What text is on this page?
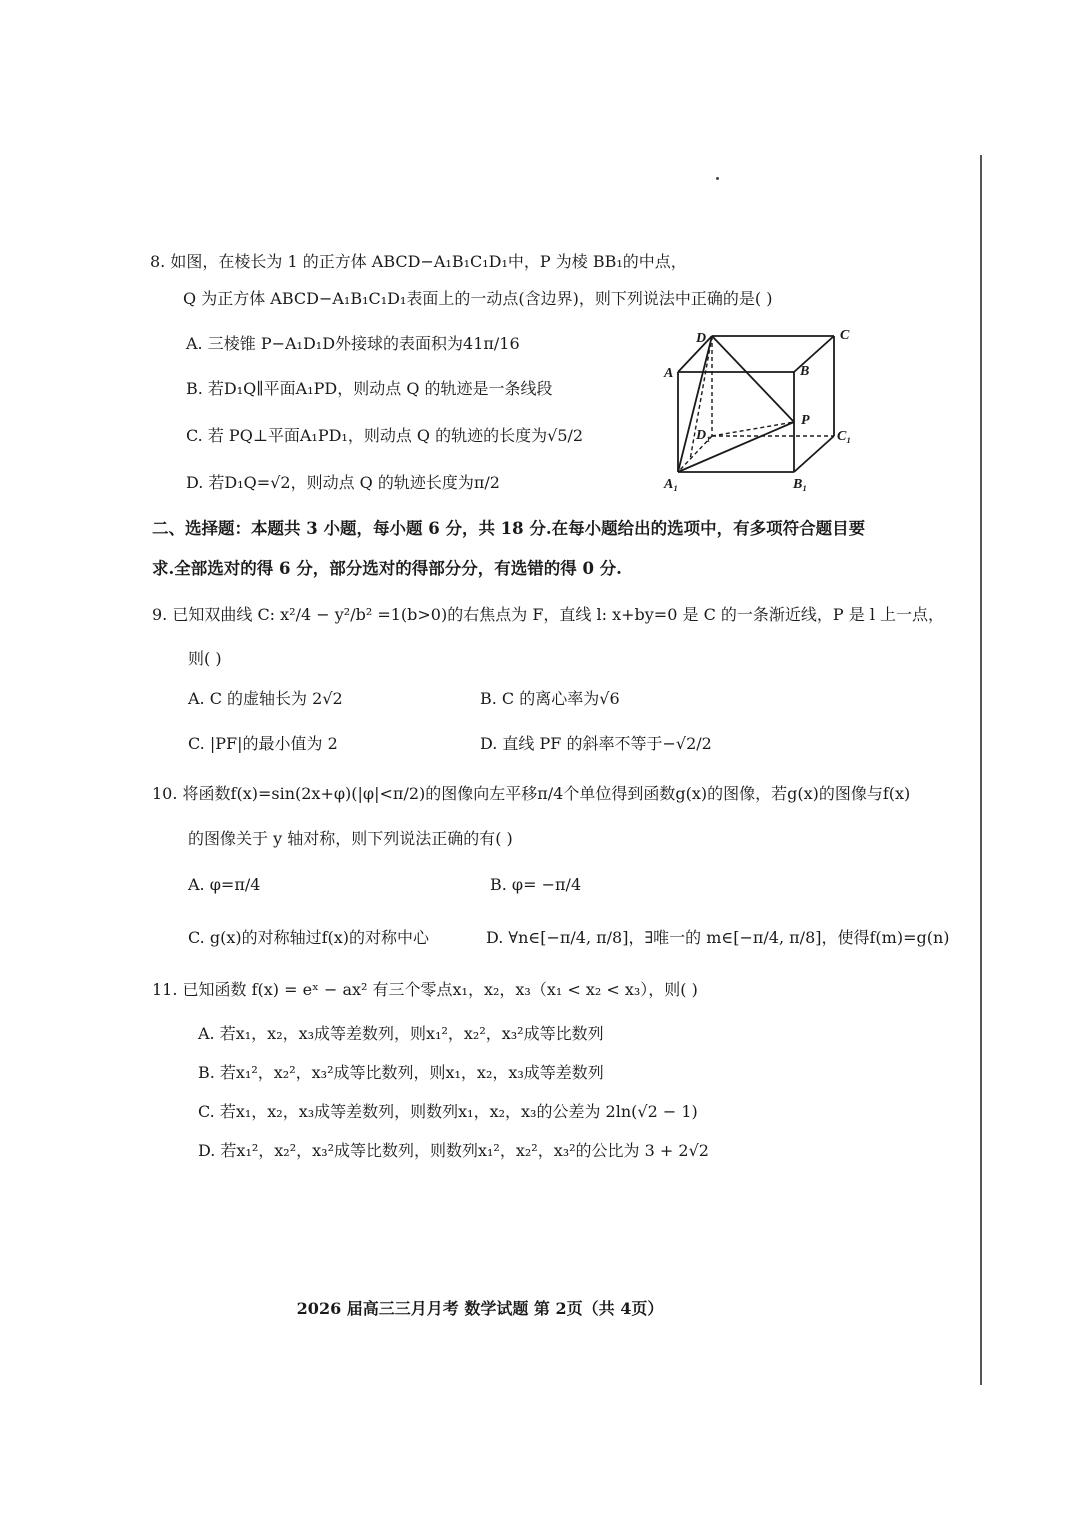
8. 如图，在棱长为 1 的正方体 ABCD−A₁B₁C₁D₁中，P 为棱 BB₁的中点，
Q 为正方体 ABCD−A₁B₁C₁D₁表面上的一动点(含边界)，则下列说法中正确的是( )
A. 三棱锥 P−A₁D₁D外接球的表面积为41π/16
B. 若D₁Q∥平面A₁PD，则动点 Q 的轨迹是一条线段
C. 若 PQ⊥平面A₁PD₁，则动点 Q 的轨迹的长度为√5/2
D. 若D₁Q=√2，则动点 Q 的轨迹长度为π/2
D	C
A	B
P
D₁	C₁
A₁	B₁
二、选择题：本题共 3 小题，每小题 6 分，共 18 分.在每小题给出的选项中，有多项符合题目要
求.全部选对的得 6 分，部分选对的得部分分，有选错的得 0 分.
9. 已知双曲线 C: x²/4 − y²/b² =1(b>0)的右焦点为 F，直线 l: x+by=0 是 C 的一条渐近线，P 是 l 上一点，
则( )
A. C 的虚轴长为 2√2	B. C 的离心率为√6
C. |PF|的最小值为 2	D. 直线 PF 的斜率不等于−√2/2
10. 将函数f(x)=sin(2x+φ)(|φ|<π/2)的图像向左平移π/4个单位得到函数g(x)的图像，若g(x)的图像与f(x)
的图像关于 y 轴对称，则下列说法正确的有( )
A. φ=π/4	B. φ= −π/4
C. g(x)的对称轴过f(x)的对称中心	D. ∀n∈[−π/4, π/8]，∃唯一的 m∈[−π/4, π/8]，使得f(m)=g(n)
11. 已知函数 f(x) = eˣ − ax² 有三个零点x₁，x₂，x₃（x₁ < x₂ < x₃），则( )
A. 若x₁，x₂，x₃成等差数列，则x₁²，x₂²，x₃²成等比数列
B. 若x₁²，x₂²，x₃²成等比数列，则x₁，x₂，x₃成等差数列
C. 若x₁，x₂，x₃成等差数列，则数列x₁，x₂，x₃的公差为 2ln(√2 − 1)
D. 若x₁²，x₂²，x₃²成等比数列，则数列x₁²，x₂²，x₃²的公比为 3 + 2√2
2026 届高三三月月考 数学试题 第 2页（共 4页）
